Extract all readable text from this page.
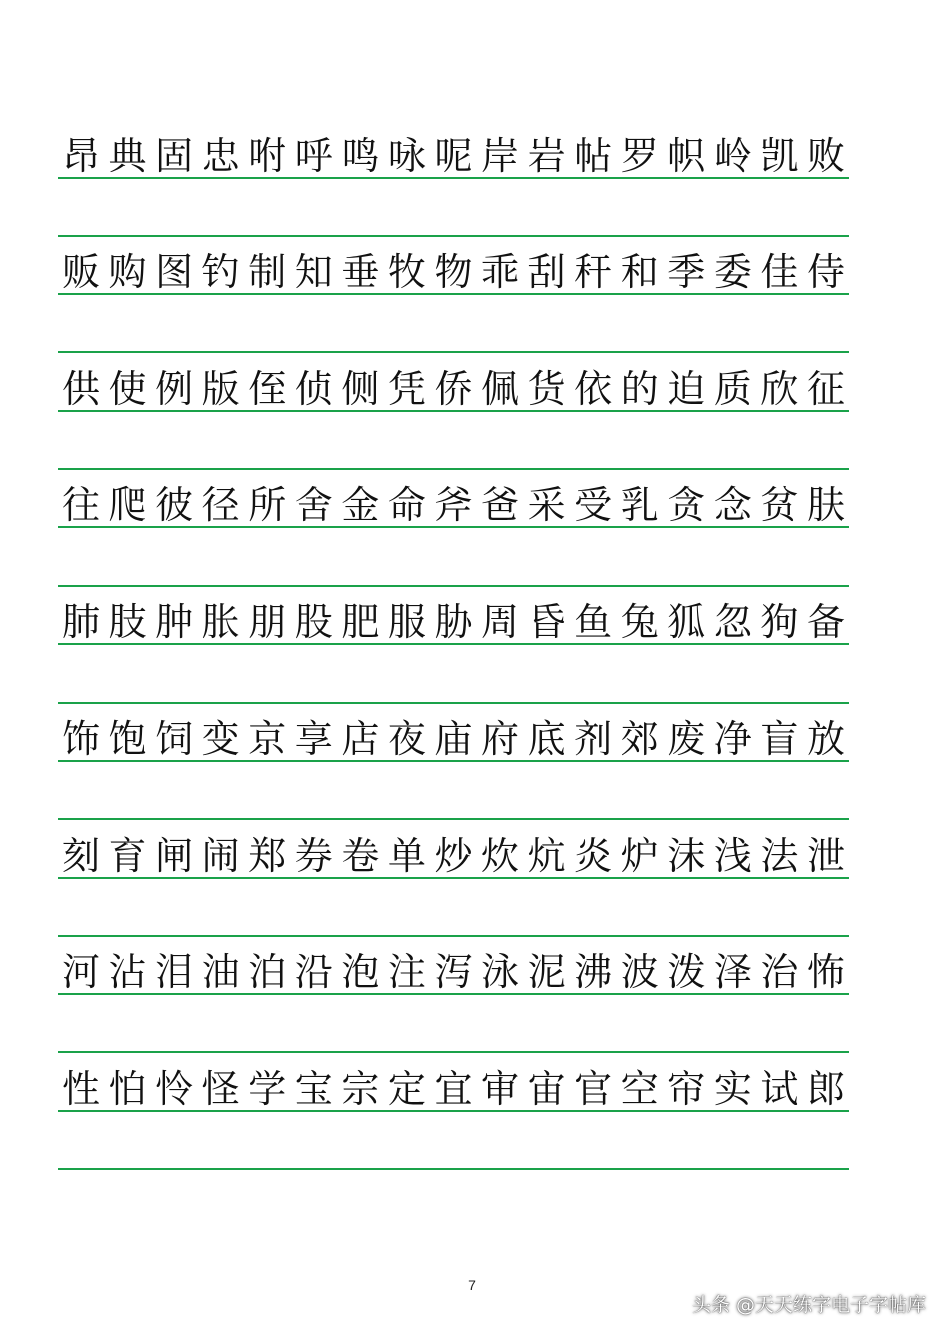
7
头条 @天天练字电子字帖库
昂 典 固 忠 咐 呼 鸣 咏 呢 岸 岩 帖 罗 帜 岭 凯 败
贩 购 图 钓 制 知 垂 牧 物 乖 刮 秆 和 季 委 佳 侍
供 使 例 版 侄 侦 侧 凭 侨 佩 货 依 的 迫 质 欣 征
往 爬 彼 径 所 舍 金 命 斧 爸 采 受 乳 贪 念 贫 肤
肺 肢 肿 胀 朋 股 肥 服 胁 周 昏 鱼 兔 狐 忽 狗 备
饰 饱 饲 变 京 享 店 夜 庙 府 底 剂 郊 废 净 盲 放
刻 育 闸 闹 郑 券 卷 单 炒 炊 炕 炎 炉 沫 浅 法 泄
河 沾 泪 油 泊 沿 泡 注 泻 泳 泥 沸 波 泼 泽 治 怖
性 怕 怜 怪 学 宝 宗 定 宜 审 宙 官 空 帘 实 试 郎
